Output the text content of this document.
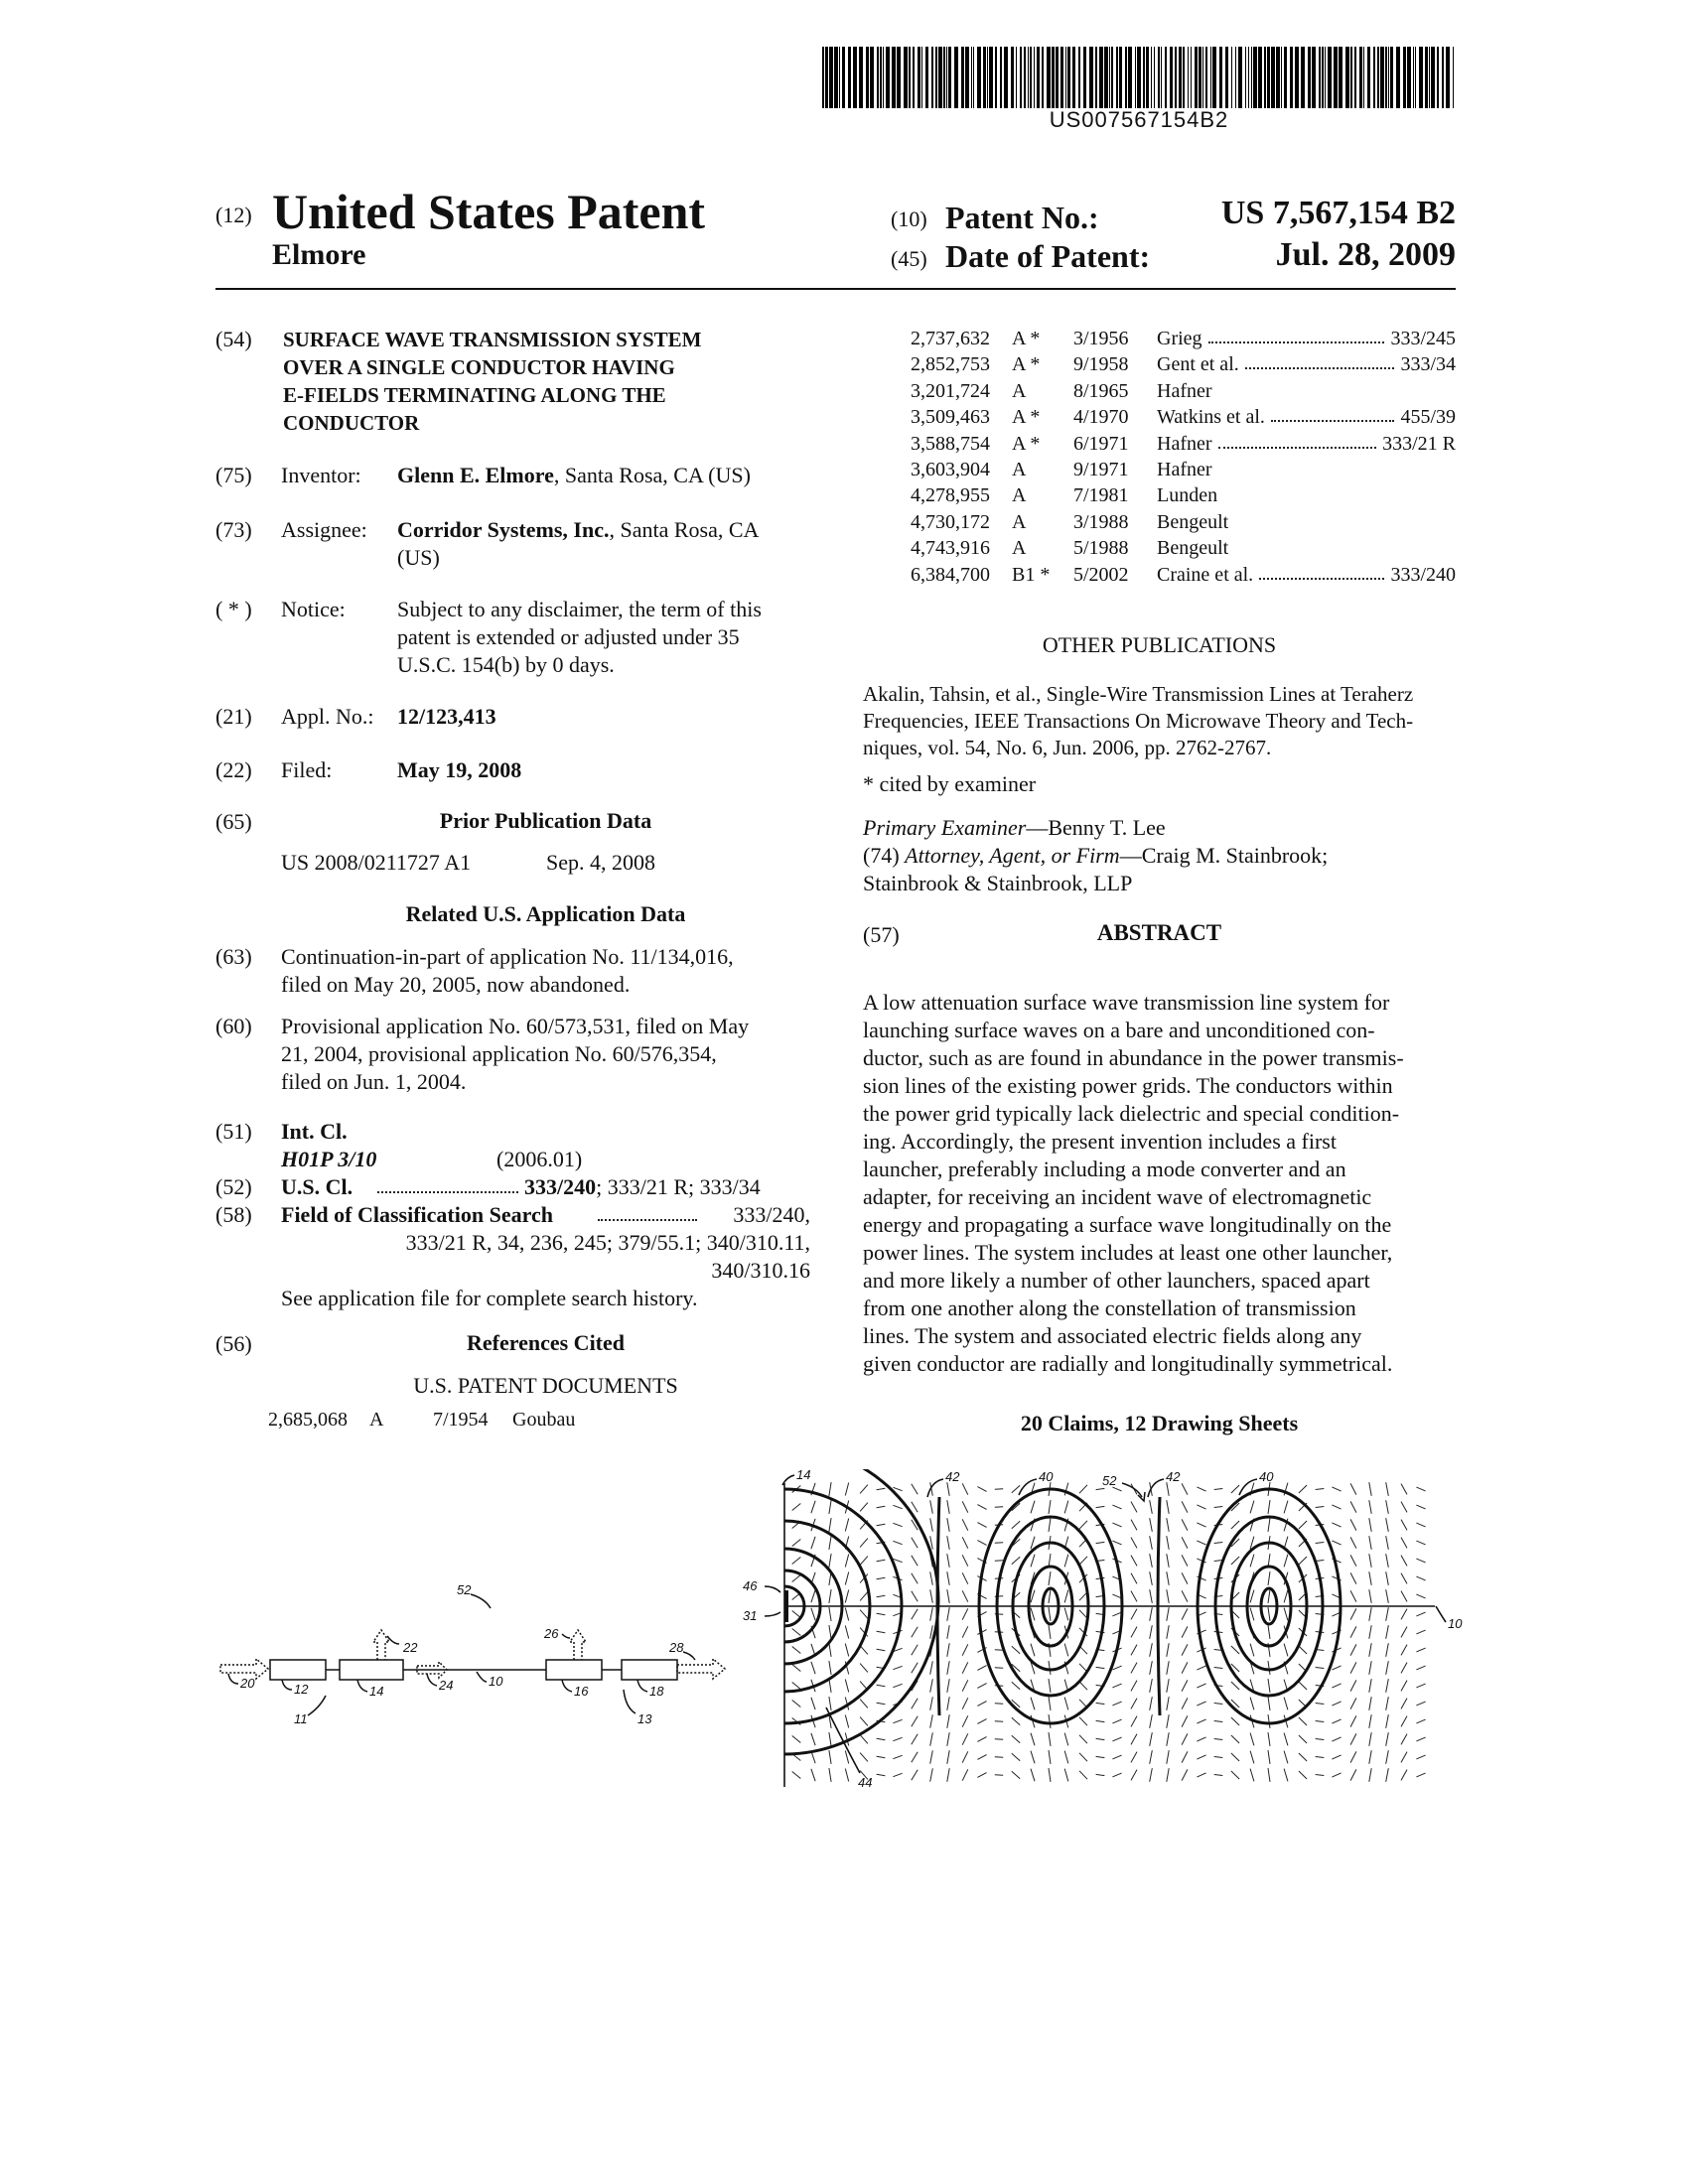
US007567154B2
(12) United States Patent
Elmore
(10) Patent No.:	US 7,567,154 B2
(45) Date of Patent:	Jul. 28, 2009
(54) SURFACE WAVE TRANSMISSION SYSTEM
OVER A SINGLE CONDUCTOR HAVING
E-FIELDS TERMINATING ALONG THE
CONDUCTOR
(75) Inventor: Glenn E. Elmore, Santa Rosa, CA (US)
(73) Assignee: Corridor Systems, Inc., Santa Rosa, CA
(US)
( * ) Notice: Subject to any disclaimer, the term of this
patent is extended or adjusted under 35
U.S.C. 154(b) by 0 days.
(21) Appl. No.: 12/123,413
(22) Filed:	May 19, 2008
(65)	Prior Publication Data
US 2008/0211727 A1	Sep. 4, 2008
Related U.S. Application Data
(63) Continuation-in-part of application No. 11/134,016,
filed on May 20, 2005, now abandoned.
(60) Provisional application No. 60/573,531, filed on May
21, 2004, provisional application No. 60/576,354,
filed on Jun. 1, 2004.
(51) Int. Cl.
H01P 3/10	(2006.01)
(52) U.S. Cl.	333/240; 333/21 R; 333/34
(58) Field of Classification Search	333/240,
333/21 R, 34, 236, 245; 379/55.1; 340/310.11,
340/310.16
See application file for complete search history.
(56)	References Cited
U.S. PATENT DOCUMENTS
2,685,068 A 7/1954 Goubau
2,737,632 A * 3/1956 Grieg	333/245
2,852,753 A * 9/1958 Gent et al.	333/34
3,201,724 A 8/1965 Hafner
3,509,463 A * 4/1970 Watkins et al.	455/39
3,588,754 A * 6/1971 Hafner	333/21 R
3,603,904 A 9/1971 Hafner
4,278,955 A 7/1981 Lunden
4,730,172 A 3/1988 Bengeult
4,743,916 A 5/1988 Bengeult
6,384,700 B1 * 5/2002 Craine et al.	333/240
OTHER PUBLICATIONS
Akalin, Tahsin, et al., Single-Wire Transmission Lines at Teraherz
Frequencies, IEEE Transactions On Microwave Theory and Tech-
niques, vol. 54, No. 6, Jun. 2006, pp. 2762-2767.
* cited by examiner
Primary Examiner—Benny T. Lee
(74) Attorney, Agent, or Firm—Craig M. Stainbrook;
Stainbrook & Stainbrook, LLP
(57)	ABSTRACT
A low attenuation surface wave transmission line system for
launching surface waves on a bare and unconditioned con-
ductor, such as are found in abundance in the power transmis-
sion lines of the existing power grids. The conductors within
the power grid typically lack dielectric and special condition-
ing. Accordingly, the present invention includes a first
launcher, preferably including a mode converter and an
adapter, for receiving an incident wave of electromagnetic
energy and propagating a surface wave longitudinally on the
power lines. The system includes at least one other launcher,
and more likely a number of other launchers, spaced apart
from one another along the constellation of transmission
lines. The system and associated electric fields along any
given conductor are radially and longitudinally symmetrical.
20 Claims, 12 Drawing Sheets
52
22
26
28
20	12	14	24	10
16	18
11	13
14	42	40	42	40
46
31
44
10
52
